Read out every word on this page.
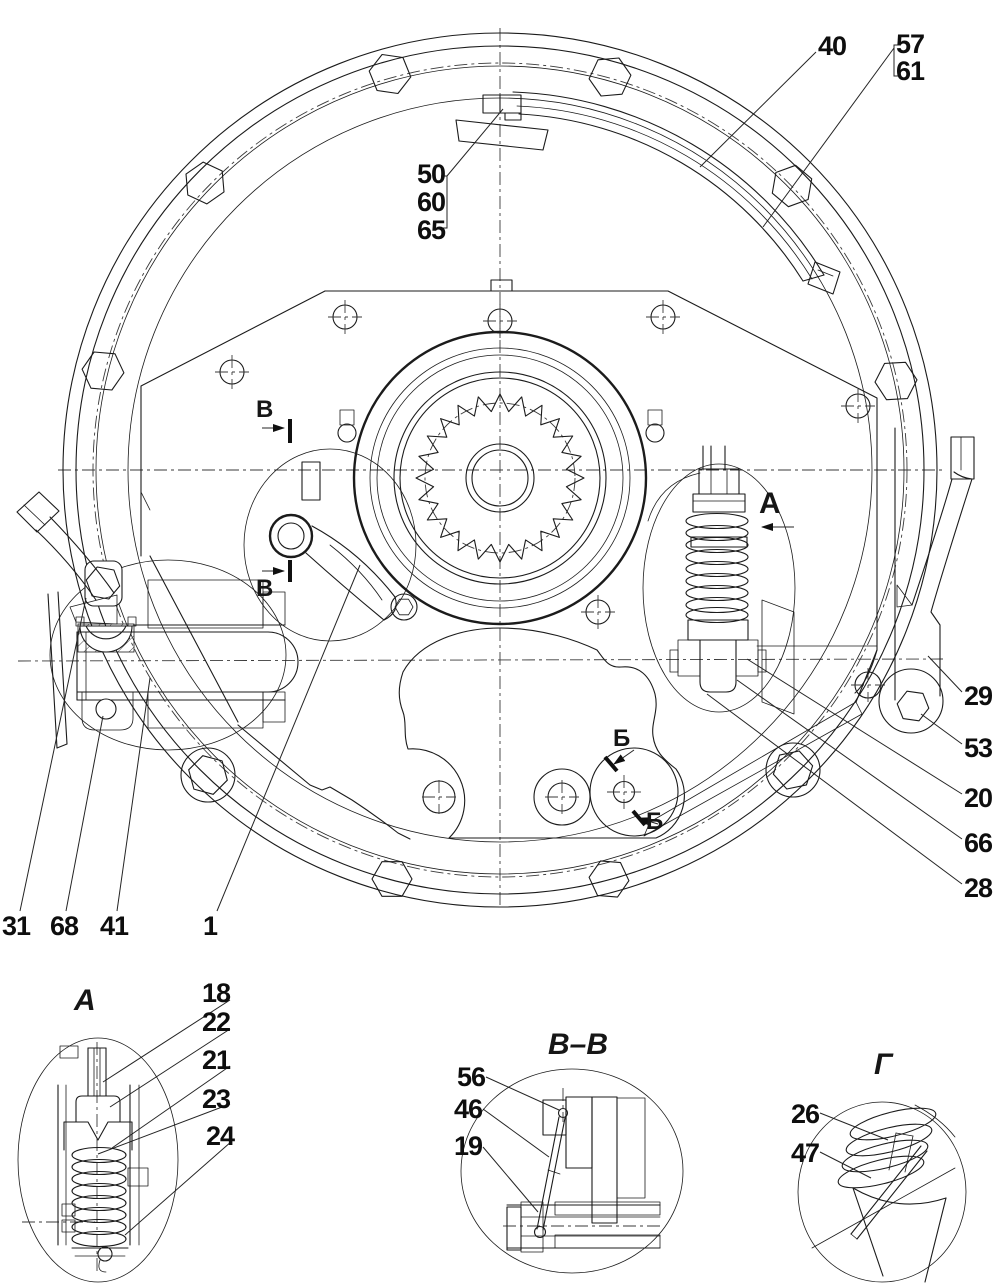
40 57
61
50
60
65
29
53
20
66
28
31 68 41	1
18
22
21
23
24
56
46
19
26
47
В
В
А
Б
Б
А
В–В
Г
